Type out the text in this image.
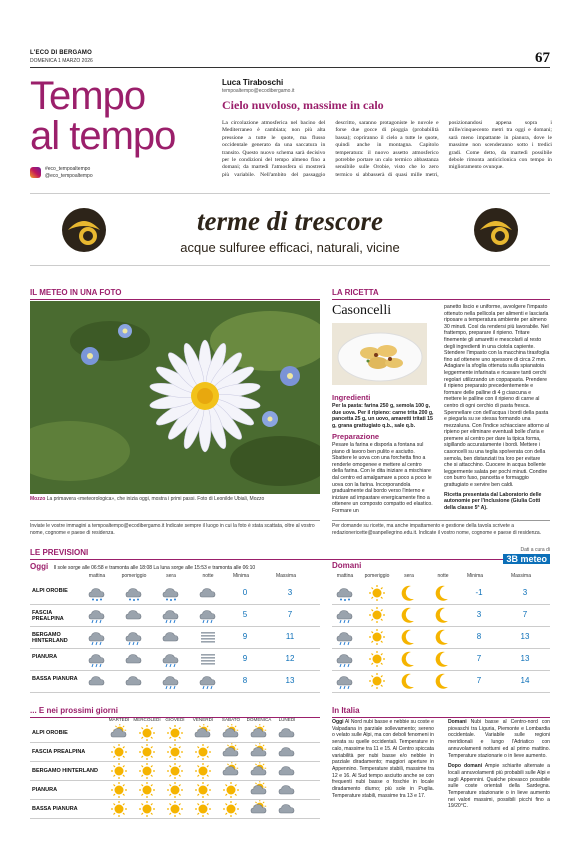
L'ECO DI BERGAMO
DOMENICA 1 MARZO 2026	67
Tempo
al tempo
#eco_tempoaltempo
@eco_tempoaltempo
Luca Tiraboschi
tempoaltempo@ecodibergamo.it
Cielo nuvoloso, massime in calo
La circolazione atmosferica nel bacino del Mediterraneo è cambiata; non più alta pressione a tutte le quote, ma flusso occidentale generato da una saccatura in transito. Questo nuovo schema sarà decisivo per le condizioni del tempo almeno fino a domani; da martedì l'atmosfera si mostrerà più variabile. Nell'ambito del passaggio descritto, saranno protagoniste le nuvole e forse due gocce di pioggia (probabilità bassa); copriranno il cielo a tutte le quote, quindi anche in montagna. Capitolo temperatura: il nuovo assetto atmosferico potrebbe portare un calo termico abbastanza sensibile sulle Orobie, visto che lo zero termico si abbasserà di quasi mille metri, posizionandosi appena sopra i mille/cinquecento metri tra oggi e domani; sarà meno impattante in pianura, dove le massime non scenderanno sotto i tredici gradi. Come detto, da martedì possibile debole rimonta anticiclonica con tempo in miglioramento ovunque.
terme di trescore
acque sulfuree efficaci, naturali, vicine
IL METEO IN UNA FOTO
Mozzo La primavera «meteorologica», che inizia oggi, mostra i primi passi. Foto di Leonilde Ubiali, Mozzo
Inviate le vostre immagini a tempoaltempo@ecodibergamo.it Indicate sempre il luogo in cui la foto è stata scattata, oltre al vostro nome, cognome e paese di residenza.
LA RICETTA
Casoncelli
Ingredienti
Per la pasta: farina 250 g, semola 100 g, due uova. Per il ripieno: carne trita 200 g, pancetta 25 g, un uovo, amaretti tritati 15 g, grana grattugiato q.b., sale q.b.
Preparazione
Pesare la farina e disporla a fontana sul piano di lavoro ben pulito e asciutto. Sbattere le uova con una forchetta fino a renderle omogenee e mettere al centro della farina. Con le dita iniziare a mischiare dal centro ed amalgamare a poco a poco le uova con la farina. Incorporandola gradualmente dal bordo verso l'interno e iniziare ad impastare energicamente fino a ottenere un composto compatto ed elastico. Formare un
panetto liscio e uniforme, avvolgere l'impasto ottenuto nella pellicola per alimenti e lasciarla riposare a temperatura ambiente per almeno 30 minuti. Così da rendersi più lavorabile. Nel frattempo, preparare il ripieno. Tritare finemente gli amaretti e mescolarli al resto degli ingredienti in una ciotola capiente. Stendere l'impasto con la macchina tirasfoglia fino ad ottenere uno spessore di circa 2 mm. Adagiare la sfoglia ottenuta sulla spianatoia leggermente infarinata e ricavare tanti cerchi regolari utilizzando un coppapasta. Prendere il ripieno preparato precedentemente e formare delle palline di 4 g ciascuna e mettere le palline con il ripieno di carne al centro di ogni cerchio di pasta fresca. Spennellare con dell'acqua i bordi della pasta e piegarla su se stessa formando una mezzaluna. Con l'indice schiacciare attorno al ripieno per eliminare eventuali bolle d'aria e premere al centro per dare la tipica forma, sigillando accuratamente i bordi. Mettere i casoncelli su una teglia spolverata con della semola, ben distanziati tra loro per evitare che si attacchino. Cuocere in acqua bollente leggermente salata per pochi minuti. Condire con burro fuso, pancetta e formaggio grattugiato e servire ben caldi.
Ricetta presentata dal Laboratorio delle autonomie per l'inclusione (Giulia Cotti della classe 5ª A).
Per domande su ricette, ma anche impattamento e gestione della tavola scrivete a redazionericette@sanpellegrino.edu.it. Indicate il vostro nome, cognome e paese di residenza.
LE PREVISIONI	Dati a cura di
3B meteo
Oggi Il sole sorge alle 06:58 e tramonta alle 18:08 La luna sorge alle 15:53 e tramonta alle 06:10	Domani
mattina	pomeriggio	sera	notte	Minima	Massima
ALPI OROBIE	0	3
FASCIA PREALPINA	5	7
BERGAMO HINTERLAND	9	11
PIANURA	9	12
BASSA PIANURA	8	13
mattina	pomeriggio	sera	notte	Minima	Massima
-1	3
3	7
8	13
7	13
7	14
... E nei prossimi giorni
MARTEDÌ MERCOLEDÌ	GIOVEDÌ	VENERDÌ	SABATO	DOMENICA	LUNEDÌ
ALPI OROBIE
FASCIA PREALPINA
BERGAMO HINTERLAND
PIANURA
BASSA PIANURA
In Italia
Oggi Al Nord nubi basse e nebbie su coste e Valpadana in parziale sollevamento; sereno o velato sulle Alpi, ma con deboli fenomeni in serata su quelle occidentali. Temperature in calo, massime tra 11 e 15. Al Centro spiccata variabilità per nubi basse e/o nebbie in parziale diradamento; maggiori aperture in Appennino. Temperature stabili, massime tra 12 e 16. Al Sud tempo asciutto anche se con frequenti nubi basse o foschie in locale diradamento diurno; più sole in Puglia. Temperature stabili, massime tra 13 e 17.
Domani Nubi basse al Centro-nord con piovaschi tra Liguria, Piemonte e Lombardia occidentale. Variabile sulle regioni meridionali e lungo l'Adriatico con annuvolamenti notturni ed al primo mattino. Temperature stazionarie o in lieve aumento.
Dopo domani Ampie schiarite alternate a locali annuvolamenti più probabili sulle Alpi e sugli Appennini. Qualche piovasco possibile sulle coste orientali della Sardegna. Temperature stazionarie o in lieve aumento nei valori massimi, possibili picchi fino a 19/20°C.
